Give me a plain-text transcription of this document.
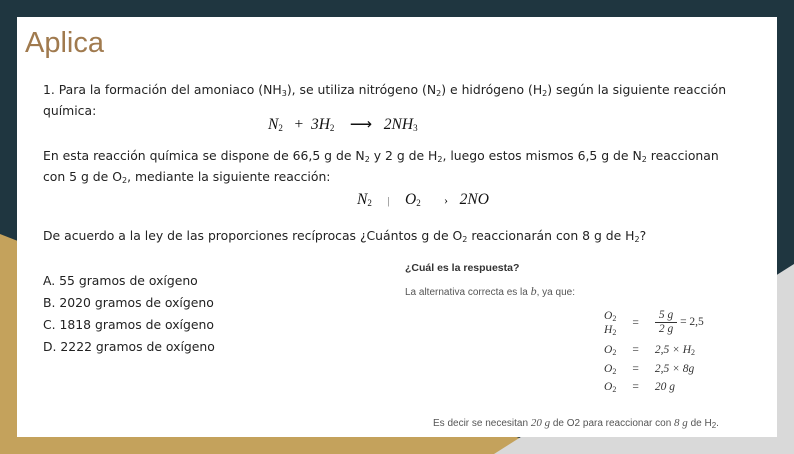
Aplica
1. Para la formación del amoniaco $(NH_3)$, se utiliza nitrógeno $(N_2)$ e hidrógeno $(H_2)$ según la siguiente reacción
química:
$N_2 + 3H_2$ ⟶ $2NH_3$
En esta reacción química se dispone de 66,5 g de $N_2$ y 2 g de $H_2$, luego estos mismos 6,5 g de $N_2$ reaccionan
con 5 g de $O_2$, mediante la siguiente reacción:
$N_2$ | $O_2$ › 2NO
De acuerdo a la ley de las proporciones recíprocas ¿Cuántos g de $O_2$ reaccionarán con 8 g de $H_2$?
A. 55 gramos de oxígeno
B. 2020 gramos de oxígeno
C. 1818 gramos de oxígeno
D. 2222 gramos de oxígeno
¿Cuál es la respuesta?
La alternativa correcta es la b, ya que:
$O_2$
$H_2$	=	$\frac{5 g}{2 g} = 2,5$
$O_2$	=	$2,5 \times H_2$
$O_2$	=	2,5 × 8g
$O_2$	=	20 g
Es decir se necesitan 20 g de O2 para reaccionar con 8 g de $H_2$.
